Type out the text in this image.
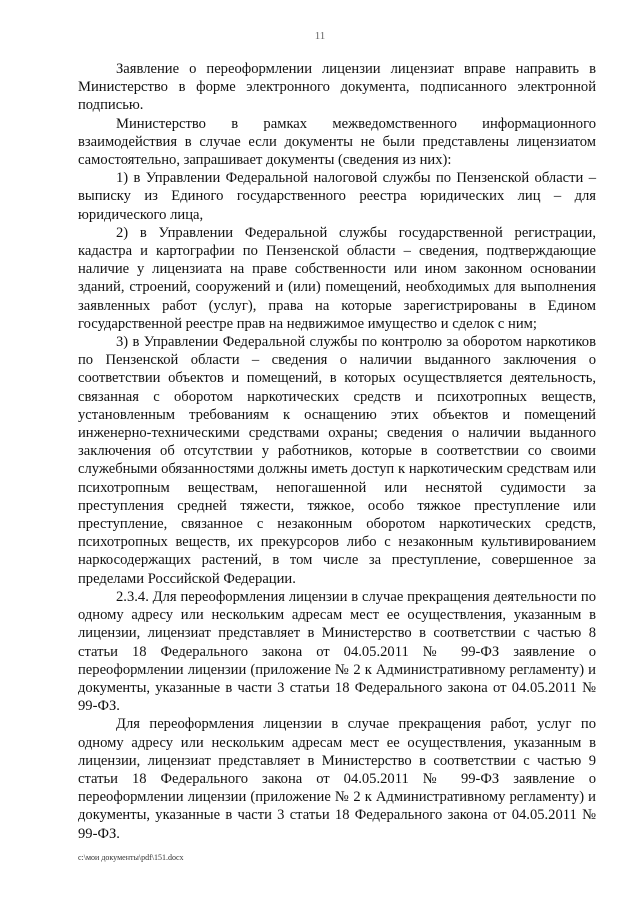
11

Заявление о переоформлении лицензии лицензиат вправе направить в Министерство в форме электронного документа, подписанного электронной подписью.

Министерство в рамках межведомственного информационного взаимодействия в случае если документы не были представлены лицензиатом самостоятельно, запрашивает документы (сведения из них):

1) в Управлении Федеральной налоговой службы по Пензенской области – выписку из Единого государственного реестра юридических лиц – для юридического лица,

2) в Управлении Федеральной службы государственной регистрации, кадастра и картографии по Пензенской области – сведения, подтверждающие наличие у лицензиата на праве собственности или ином законном основании зданий, строений, сооружений и (или) помещений, необходимых для выполнения заявленных работ (услуг), права на которые зарегистрированы в Едином государственной реестре прав на недвижимое имущество и сделок с ним;

3) в Управлении Федеральной службы по контролю за оборотом наркотиков по Пензенской области – сведения о наличии выданного заключения о соответствии объектов и помещений, в которых осуществляется деятельность, связанная с оборотом наркотических средств и психотропных веществ, установленным требованиям к оснащению этих объектов и помещений инженерно-техническими средствами охраны; сведения о наличии выданного заключения об отсутствии у работников, которые в соответствии со своими служебными обязанностями должны иметь доступ к наркотическим средствам или психотропным веществам, непогашенной или неснятой судимости за преступления средней тяжести, тяжкое, особо тяжкое преступление или преступление, связанное с незаконным оборотом наркотических средств, психотропных веществ, их прекурсоров либо с незаконным культивированием наркосодержащих растений, в том числе за преступление, совершенное за пределами Российской Федерации.

2.3.4. Для переоформления лицензии в случае прекращения деятельности по одному адресу или нескольким адресам мест ее осуществления, указанным в лицензии, лицензиат представляет в Министерство в соответствии с частью 8 статьи 18 Федерального закона от 04.05.2011 № 99-ФЗ заявление о переоформлении лицензии (приложение № 2 к Административному регламенту) и документы, указанные в части 3 статьи 18 Федерального закона от 04.05.2011 № 99-ФЗ.

Для переоформления лицензии в случае прекращения работ, услуг по одному адресу или нескольким адресам мест ее осуществления, указанным в лицензии, лицензиат представляет в Министерство в соответствии с частью 9 статьи 18 Федерального закона от 04.05.2011 № 99-ФЗ заявление о переоформлении лицензии (приложение № 2 к Административному регламенту) и документы, указанные в части 3 статьи 18 Федерального закона от 04.05.2011 № 99-ФЗ.

c:\мои документы\pdf\151.docx
